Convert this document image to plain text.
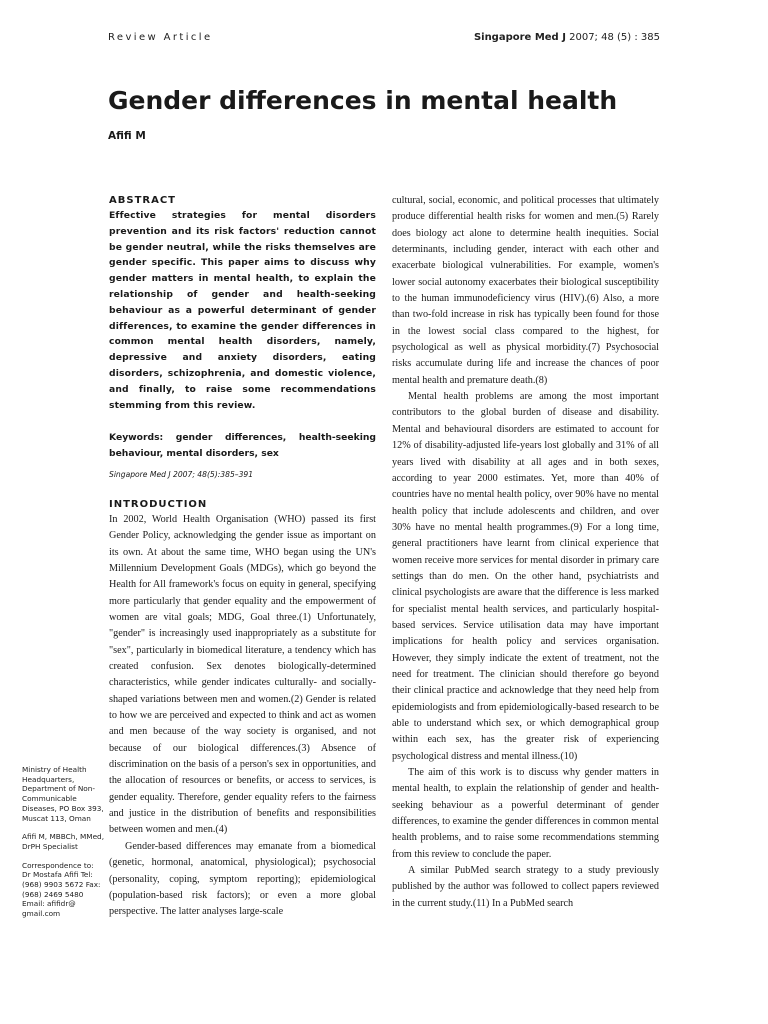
Review Article	Singapore Med J 2007; 48 (5) : 385
Gender differences in mental health
Afifi M

ABSTRACT

Effective strategies for mental disorders prevention and its risk factors' reduction cannot be gender neutral, while the risks themselves are gender specific. This paper aims to discuss why gender matters in mental health, to explain the relationship of gender and health-seeking behaviour as a powerful determinant of gender differences, to examine the gender differences in common mental health disorders, namely, depressive and anxiety disorders, eating disorders, schizophrenia, and domestic violence, and finally, to raise some recommendations stemming from this review.

Keywords: gender differences, health-seeking behaviour, mental disorders, sex
Singapore Med J 2007; 48(5):385–391
INTRODUCTION

In 2002, World Health Organisation (WHO) passed its first Gender Policy, acknowledging the gender issue as important on its own. At about the same time, WHO began using the UN's Millennium Development Goals (MDGs), which go beyond the Health for All framework's focus on equity in general, specifying more particularly that gender equality and the empowerment of women are vital goals; MDG, Goal three.(1) Unfortunately, "gender" is increasingly used inappropriately as a substitute for "sex", particularly in biomedical literature, a tendency which has created confusion. Sex denotes biologically-determined characteristics, while gender indicates culturally- and socially-shaped variations between men and women.(2) Gender is related to how we are perceived and expected to think and act as women and men because of the way society is organised, and not because of our biological differences.(3) Absence of discrimination on the basis of a person's sex in opportunities, and the allocation of resources or benefits, or access to services, is gender equality. Therefore, gender equality refers to the fairness and justice in the distribution of benefits and responsibilities between women and men.(4)

Gender-based differences may emanate from a biomedical (genetic, hormonal, anatomical, physiological); psychosocial (personality, coping, symptom reporting); epidemiological (population-based risk factors); or even a more global perspective. The latter analyses large-scale

cultural, social, economic, and political processes that ultimately produce differential health risks for women and men.(5) Rarely does biology act alone to determine health inequities. Social determinants, including gender, interact with each other and exacerbate biological vulnerabilities. For example, women's lower social autonomy exacerbates their biological susceptibility to the human immunodeficiency virus (HIV).(6) Also, a more than two-fold increase in risk has typically been found for those in the lowest social class compared to the highest, for psychological as well as physical morbidity.(7) Psychosocial risks accumulate during life and increase the chances of poor mental health and premature death.(8)

Mental health problems are among the most important contributors to the global burden of disease and disability. Mental and behavioural disorders are estimated to account for 12% of disability-adjusted life-years lost globally and 31% of all years lived with disability at all ages and in both sexes, according to year 2000 estimates. Yet, more than 40% of countries have no mental health policy, over 90% have no mental health policy that include adolescents and children, and over 30% have no mental health programmes.(9) For a long time, general practitioners have learnt from clinical experience that women receive more services for mental disorder in primary care settings than do men. On the other hand, psychiatrists and clinical psychologists are aware that the difference is less marked for specialist mental health services, and particularly hospital-based services. Service utilisation data may have important implications for health policy and services organisation. However, they simply indicate the extent of treatment, not the need for treatment. The clinician should therefore go beyond their clinical practice and acknowledge that they need help from epidemiologists and from epidemiologically-based research to be able to understand which sex, or which demographical group within each sex, has the greater risk of experiencing psychological distress and mental illness.(10)

The aim of this work is to discuss why gender matters in mental health, to explain the relationship of gender and health-seeking behaviour as a powerful determinant of gender differences, to examine the gender differences in common mental health problems, and to raise some recommendations stemming from this review to conclude the paper.

A similar PubMed search strategy to a study previously published by the author was followed to collect papers reviewed in the current study.(11) In a PubMed search

Ministry of Health Headquarters, Department of Non-Communicable Diseases, PO Box 393, Muscat 113, Oman

Afifi M, MBBCh, MMed, DrPH Specialist

Correspondence to: Dr Mostafa Afifi Tel: (968) 9903 5672 Fax: (968) 2469 5480 Email: afifidr@ gmail.com
